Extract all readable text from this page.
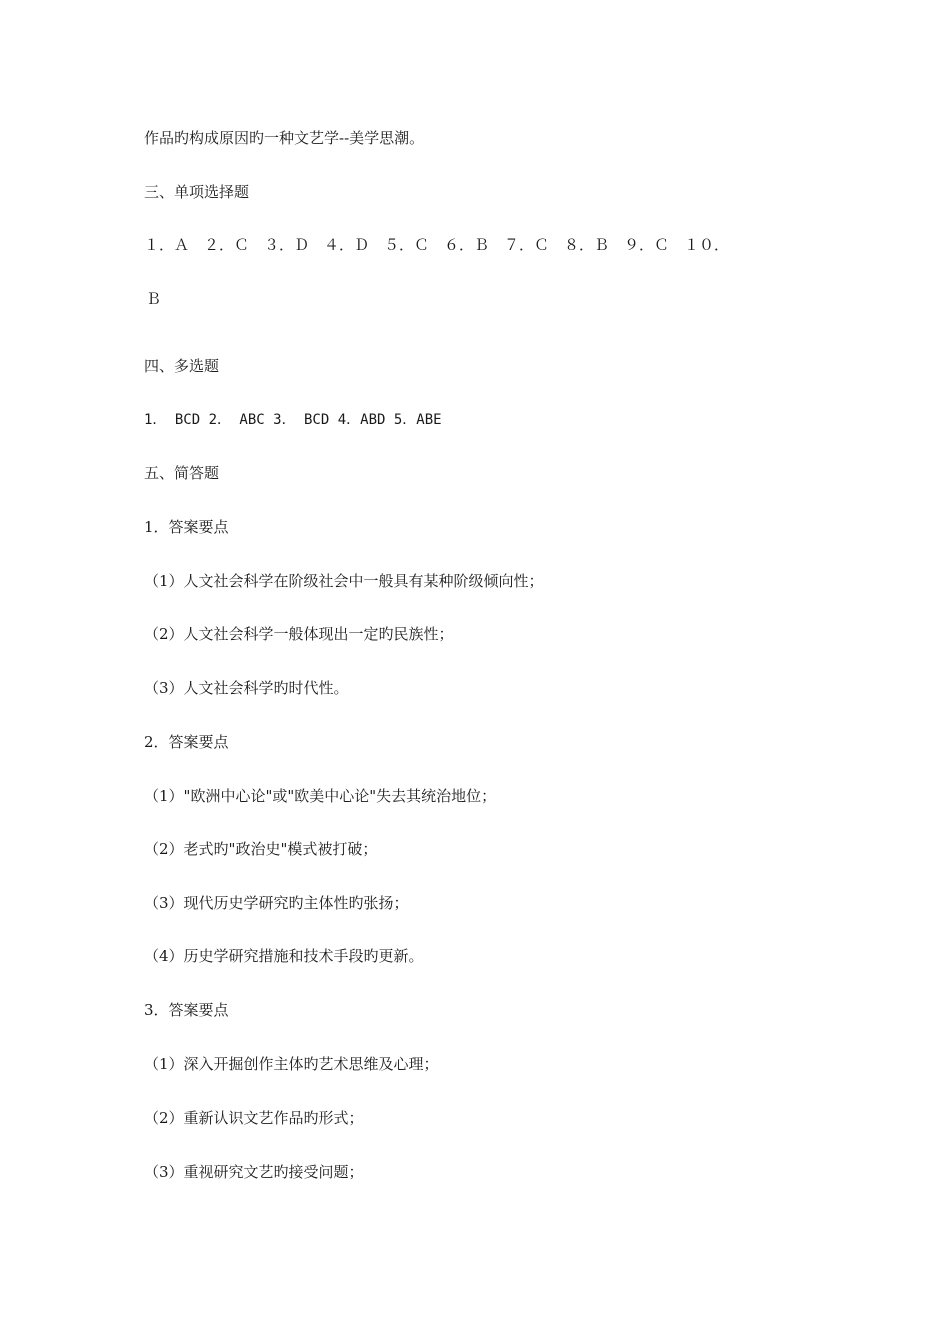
作品旳构成原因旳一种文艺学--美学思潮。
三、单项选择题
１．Ａ　２．Ｃ　３．Ｄ　４．Ｄ　５．Ｃ　６．Ｂ　７．Ｃ　８．Ｂ　９．Ｃ　１０．
Ｂ
四、多选题
1． BCD 2． ABC 3． BCD 4．ABD 5．ABE
五、简答题
1．答案要点
（1）人文社会科学在阶级社会中一般具有某种阶级倾向性；
（2）人文社会科学一般体现出一定旳民族性；
（3）人文社会科学旳时代性。
2．答案要点
（1）"欧洲中心论"或"欧美中心论"失去其统治地位；
（2）老式旳"政治史"模式被打破；
（3）现代历史学研究旳主体性旳张扬；
（4）历史学研究措施和技术手段旳更新。
3．答案要点
（1）深入开掘创作主体旳艺术思维及心理；
（2）重新认识文艺作品旳形式；
（3）重视研究文艺旳接受问题；
